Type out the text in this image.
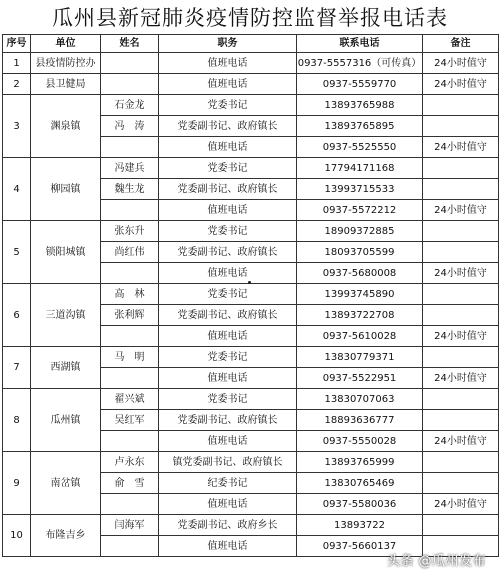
瓜州县新冠肺炎疫情防控监督举报电话表
序号	单位	姓名	职务	联系电话	备注
1	县疫情防控办		值班电话	0937-5557316（可传真）	24小时值守
2	县卫健局		值班电话	0937-5559770	24小时值守
3	渊泉镇	石金龙	党委书记	13893765988	
		冯　涛	党委副书记、政府镇长	13893765895	
			值班电话	0937-5525550	24小时值守
4	柳园镇	冯建兵	党委书记	17794171168	
		魏生龙	党委副书记、政府镇长	13993715533	
			值班电话	0937-5572212	24小时值守
5	锁阳城镇	张东升	党委书记	18909372885	
		尚红伟	党委副书记、政府镇长	18093705599	
			值班电话	0937-5680008	24小时值守
6	三道沟镇	高　林	党委书记	13993745890	
		张利辉	党委副书记、政府镇长	13893722708	
			值班电话	0937-5610028	24小时值守
7	西湖镇	马　明	党委书记	13830779371	
			值班电话	0937-5522951	24小时值守
8	瓜州镇	翟兴斌	党委书记	13830707063	
		吴红军	党委副书记、政府镇长	18893636777	
			值班电话	0937-5550028	24小时值守
9	南岔镇	卢永东	镇党委副书记、政府镇长	13893765999	
		俞　雪	纪委书记	13830765469	
			值班电话	0937-5580036	24小时值守
10	布隆吉乡	闫海军	党委副书记、政府乡长	13893722	
			值班电话	0937-5660137	
头条 @瓜州发布
